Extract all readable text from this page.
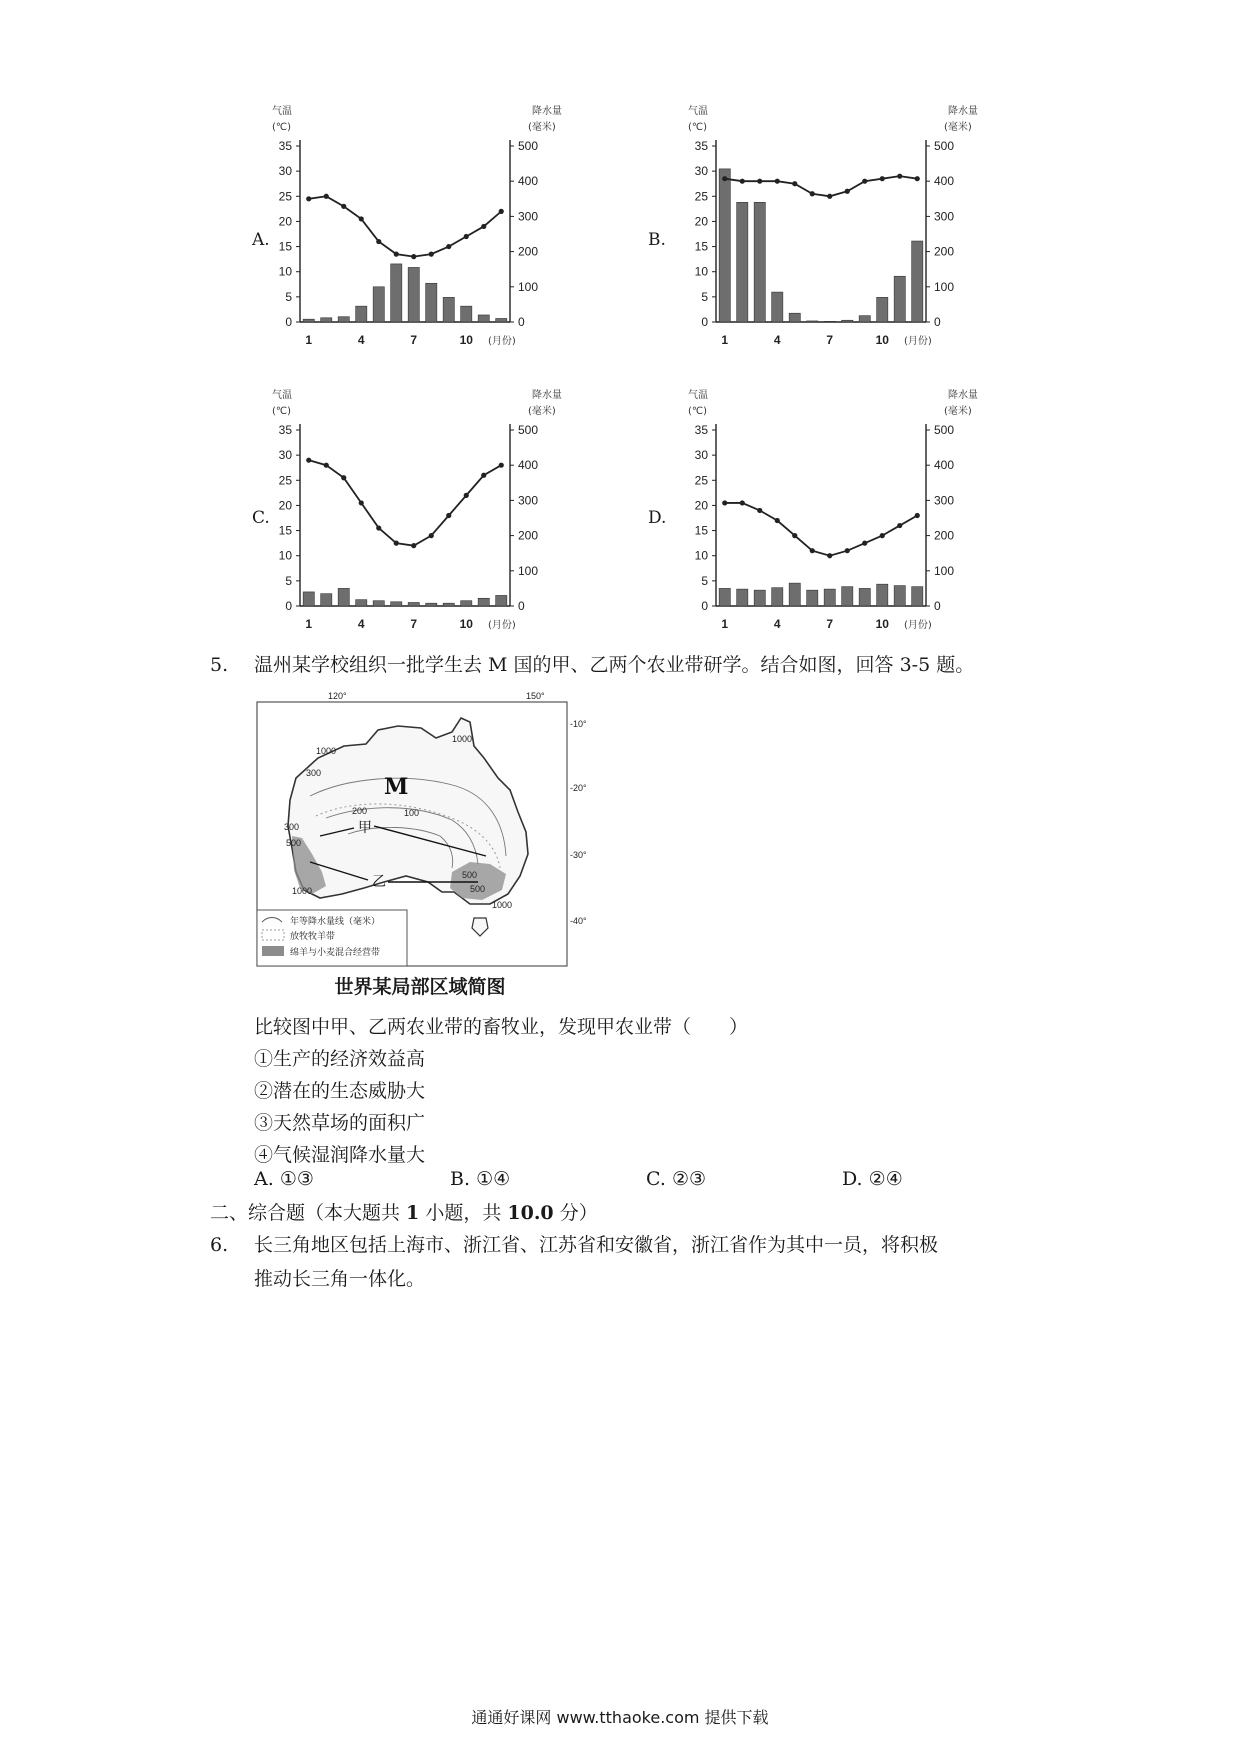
气温
(℃)
降水量
(毫米)
35
30
25
20
15
10
5
0
500
400
300
200
100
0
1	4	7	10 (月份)
A.
气温
(℃)
降水量
(毫米)
35
30
25
20
15
10
5
0
500
400
300
200
100
0
1	4	7	10 (月份)
B.
气温
(℃)
降水量
(毫米)
35
30
25
20
15
10
5
0
500
400
300
200
100
0
1	4	7	10 (月份)
C.
气温
(℃)
降水量
(毫米)
35
30
25
20
15
10
5
0
500
400
300
200
100
0
1	4	7	10 (月份)
D.
5. 温州某学校组织一批学生去 M 国的甲、乙两个农业带研学。结合如图，回答 3-5 题。
120°	150°
-10°
-20°
-30°
-40°
M
甲
乙
1000
1000
300
200	100
300
500
1000
500
1000
500
年等降水量线（毫米）
放牧牧羊带
绵羊与小麦混合经营带
世界某局部区域简图
比较图中甲、乙两农业带的畜牧业，发现甲农业带（　　）
①生产的经济效益高
②潜在的生态威胁大
③天然草场的面积广
④气候湿润降水量大
A. ①③	B. ①④	C. ②③	D. ②④
二、综合题（本大题共 1 小题，共 10.0 分）
6. 长三角地区包括上海市、浙江省、江苏省和安徽省，浙江省作为其中一员，将积极
推动长三角一体化。
通通好课网 www.tthaoke.com 提供下载
